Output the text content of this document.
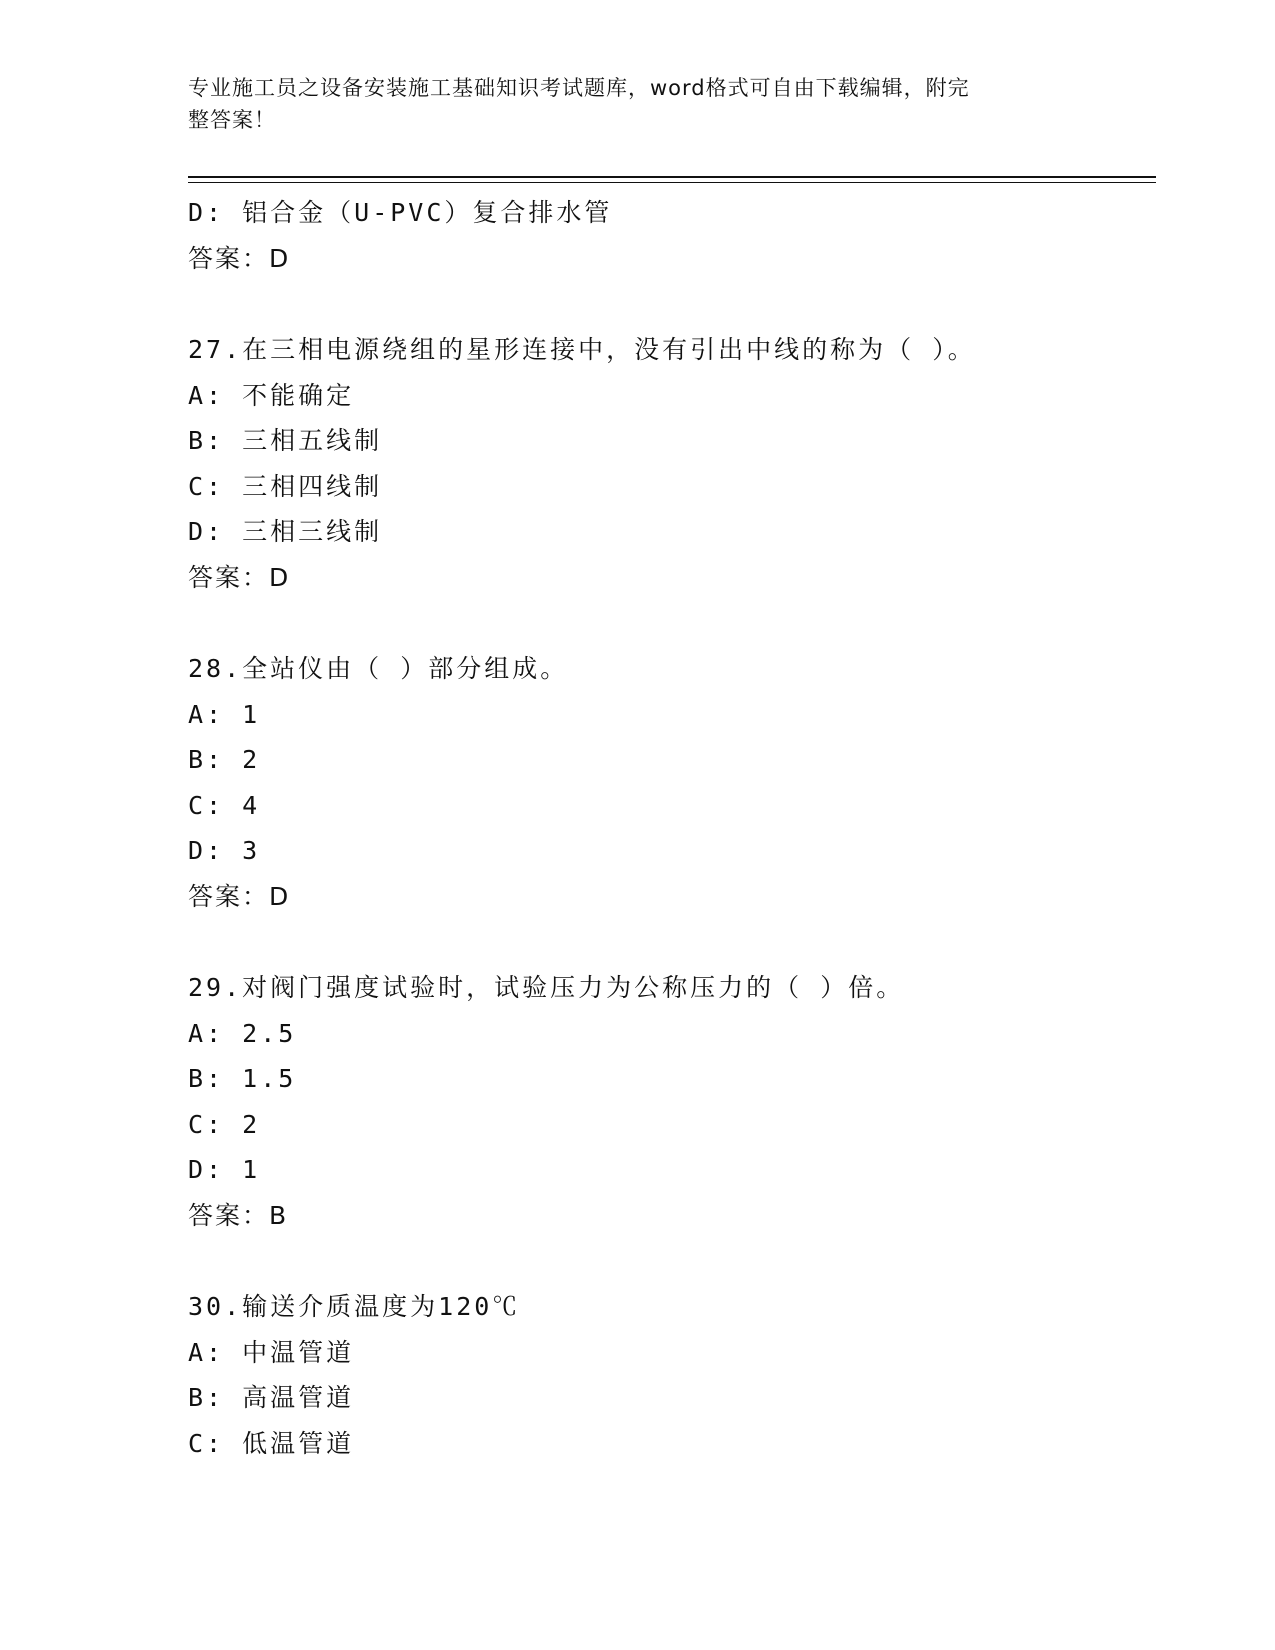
专业施工员之设备安装施工基础知识考试题库，word格式可自由下载编辑，附完
整答案！
D: 铝合金（U-PVC）复合排水管
答案：D
27.在三相电源绕组的星形连接中，没有引出中线的称为（ ）。
A: 不能确定
B: 三相五线制
C: 三相四线制
D: 三相三线制
答案：D
28.全站仪由（ ）部分组成。
A: 1
B: 2
C: 4
D: 3
答案：D
29.对阀门强度试验时，试验压力为公称压力的（ ）倍。
A: 2.5
B: 1.5
C: 2
D: 1
答案：B
30.输送介质温度为120℃
A: 中温管道
B: 高温管道
C: 低温管道
